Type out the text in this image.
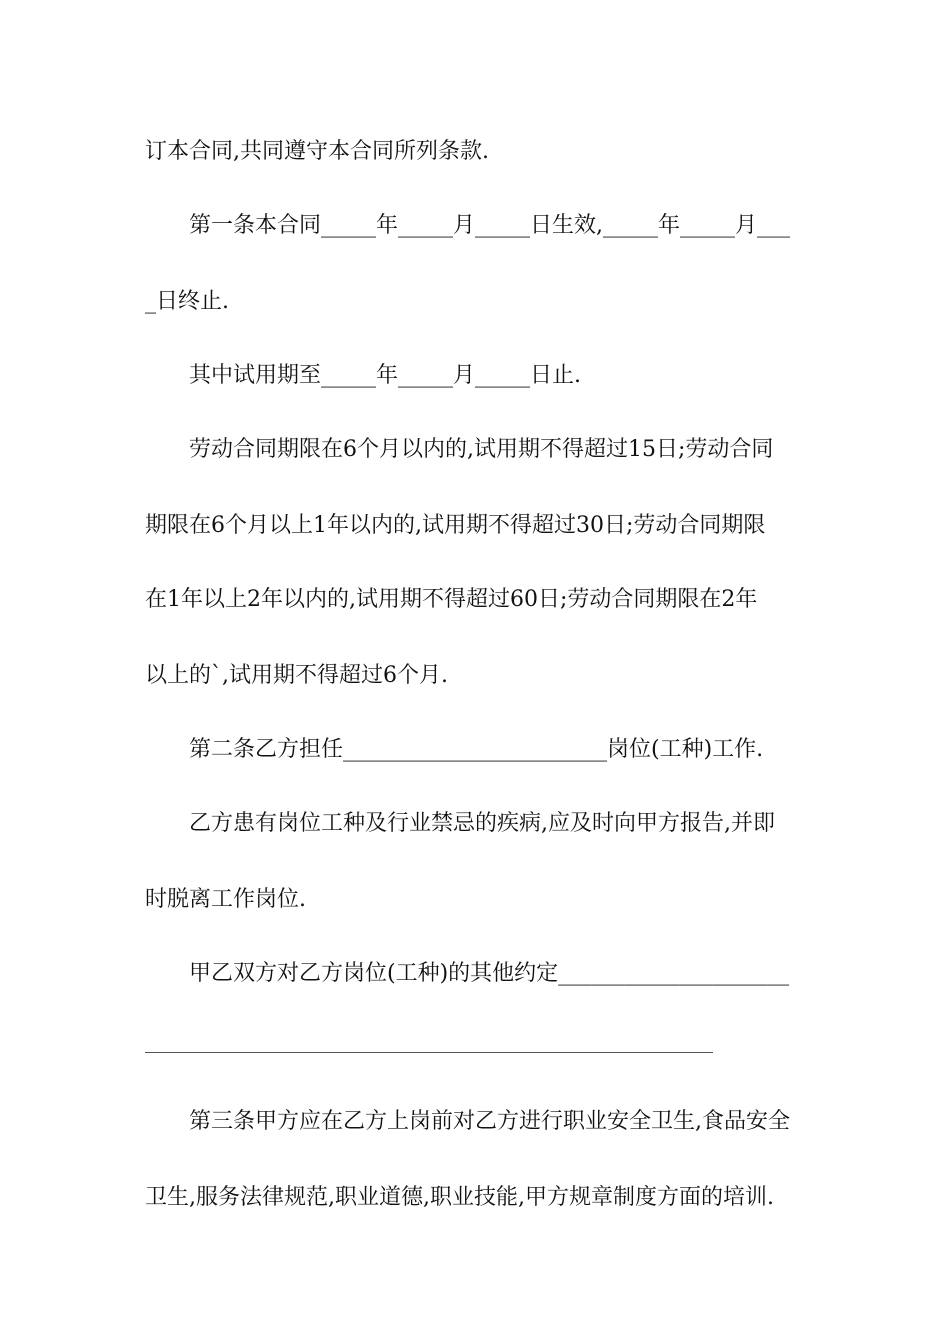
订本合同,共同遵守本合同所列条款.
第一条本合同_____年_____月_____日生效,_____年_____月___
_日终止.
其中试用期至_____年_____月_____日止.
劳动合同期限在6个月以内的,试用期不得超过15日;劳动合同
期限在6个月以上1年以内的,试用期不得超过30日;劳动合同期限
在1年以上2年以内的,试用期不得超过60日;劳动合同期限在2年
以上的`,试用期不得超过6个月.
第二条乙方担任________________________岗位(工种)工作.
乙方患有岗位工种及行业禁忌的疾病,应及时向甲方报告,并即
时脱离工作岗位.
甲乙双方对乙方岗位(工种)的其他约定_____________________
第三条甲方应在乙方上岗前对乙方进行职业安全卫生,食品安全
卫生,服务法律规范,职业道德,职业技能,甲方规章制度方面的培训.
